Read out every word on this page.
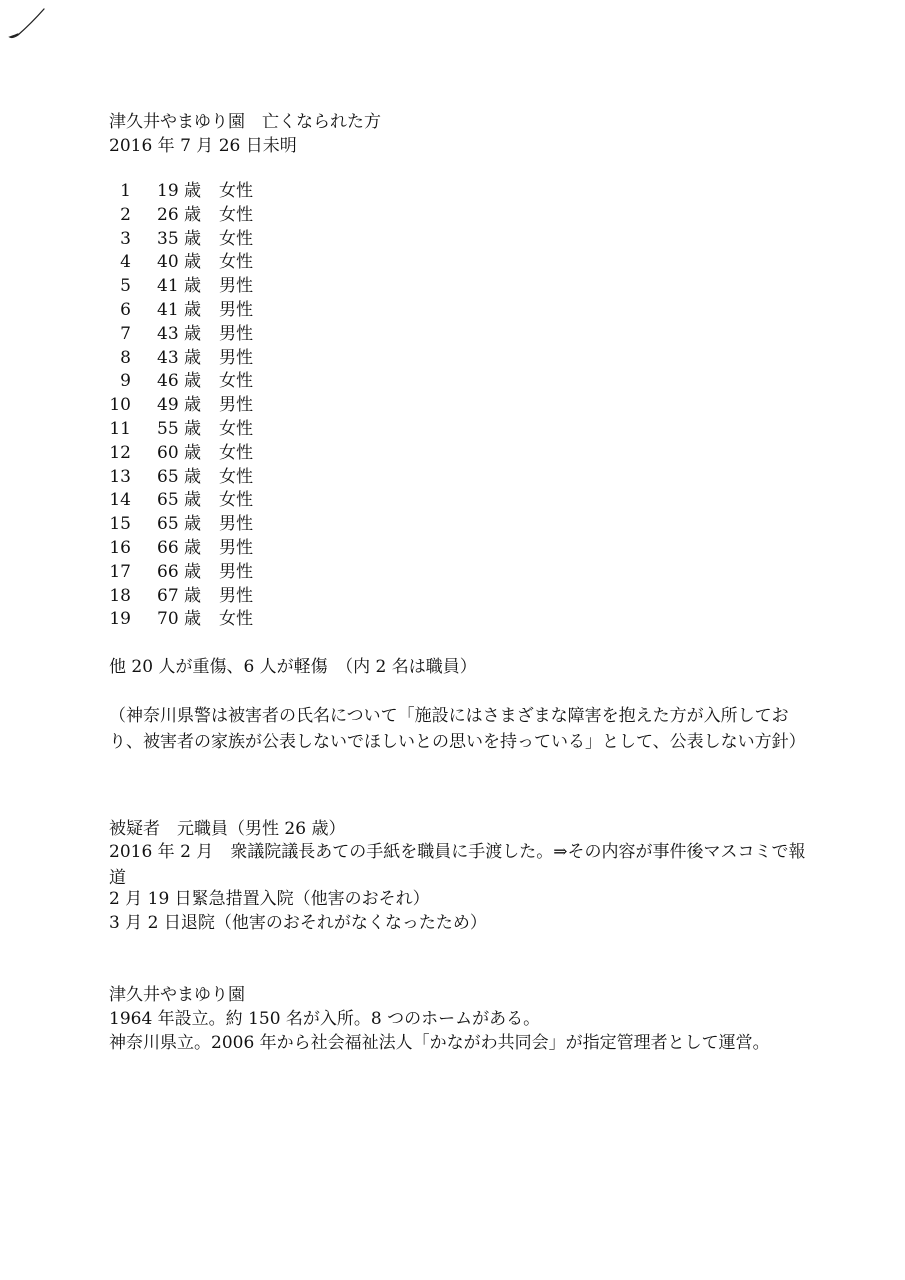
津久井やまゆり園　亡くなられた方
2016 年 7 月 26 日未明
1 19 歳 女性
2 26 歳 女性
3 35 歳 女性
4 40 歳 女性
5 41 歳 男性
6 41 歳 男性
7 43 歳 男性
8 43 歳 男性
9 46 歳 女性
10 49 歳 男性
11 55 歳 女性
12 60 歳 女性
13 65 歳 女性
14 65 歳 女性
15 65 歳 男性
16 66 歳 男性
17 66 歳 男性
18 67 歳 男性
19 70 歳 女性
他 20 人が重傷、6 人が軽傷　（内 2 名は職員）
（神奈川県警は被害者の氏名について「施設にはさまざまな障害を抱えた方が入所しており、被害者の家族が公表しないでほしいとの思いを持っている」として、公表しない方針）
被疑者　元職員（男性 26 歳）
2016 年 2 月　衆議院議長あての手紙を職員に手渡した。⇒その内容が事件後マスコミで報道
2 月 19 日緊急措置入院（他害のおそれ）
3 月 2 日退院（他害のおそれがなくなったため）
津久井やまゆり園
1964 年設立。約 150 名が入所。8 つのホームがある。
神奈川県立。2006 年から社会福祉法人「かながわ共同会」が指定管理者として運営。
